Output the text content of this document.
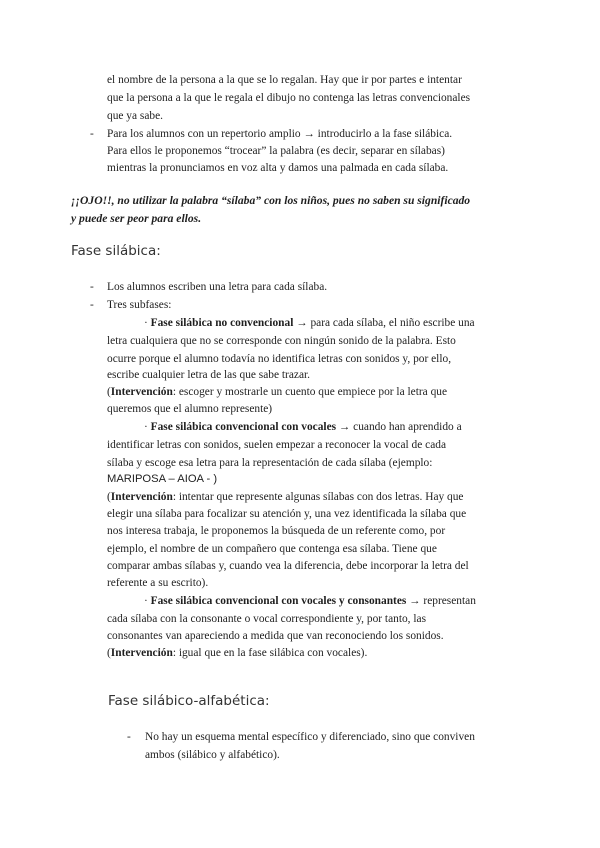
el nombre de la persona a la que se lo regalan. Hay que ir por partes e intentar
que la persona a la que le regala el dibujo no contenga las letras convencionales
que ya sabe.
- Para los alumnos con un repertorio amplio → introducirlo a la fase silábica.
Para ellos le proponemos “trocear” la palabra (es decir, separar en sílabas)
mientras la pronunciamos en voz alta y damos una palmada en cada sílaba.
¡¡OJO!!, no utilizar la palabra “sílaba” con los niños, pues no saben su significado
y puede ser peor para ellos.
Fase silábica:
- Los alumnos escriben una letra para cada sílaba.
- Tres subfases:
· Fase silábica no convencional → para cada sílaba, el niño escribe una
letra cualquiera que no se corresponde con ningún sonido de la palabra. Esto
ocurre porque el alumno todavía no identifica letras con sonidos y, por ello,
escribe cualquier letra de las que sabe trazar.
(Intervención: escoger y mostrarle un cuento que empiece por la letra que
queremos que el alumno represente)
· Fase silábica convencional con vocales → cuando han aprendido a
identificar letras con sonidos, suelen empezar a reconocer la vocal de cada
sílaba y escoge esa letra para la representación de cada sílaba (ejemplo:
MARIPOSA – AIOA - )
(Intervención: intentar que represente algunas sílabas con dos letras. Hay que
elegir una sílaba para focalizar su atención y, una vez identificada la sílaba que
nos interesa trabaja, le proponemos la búsqueda de un referente como, por
ejemplo, el nombre de un compañero que contenga esa sílaba. Tiene que
comparar ambas sílabas y, cuando vea la diferencia, debe incorporar la letra del
referente a su escrito).
· Fase silábica convencional con vocales y consonantes → representan
cada sílaba con la consonante o vocal correspondiente y, por tanto, las
consonantes van apareciendo a medida que van reconociendo los sonidos.
(Intervención: igual que en la fase silábica con vocales).
Fase silábico-alfabética:
- No hay un esquema mental específico y diferenciado, sino que conviven
ambos (silábico y alfabético).
